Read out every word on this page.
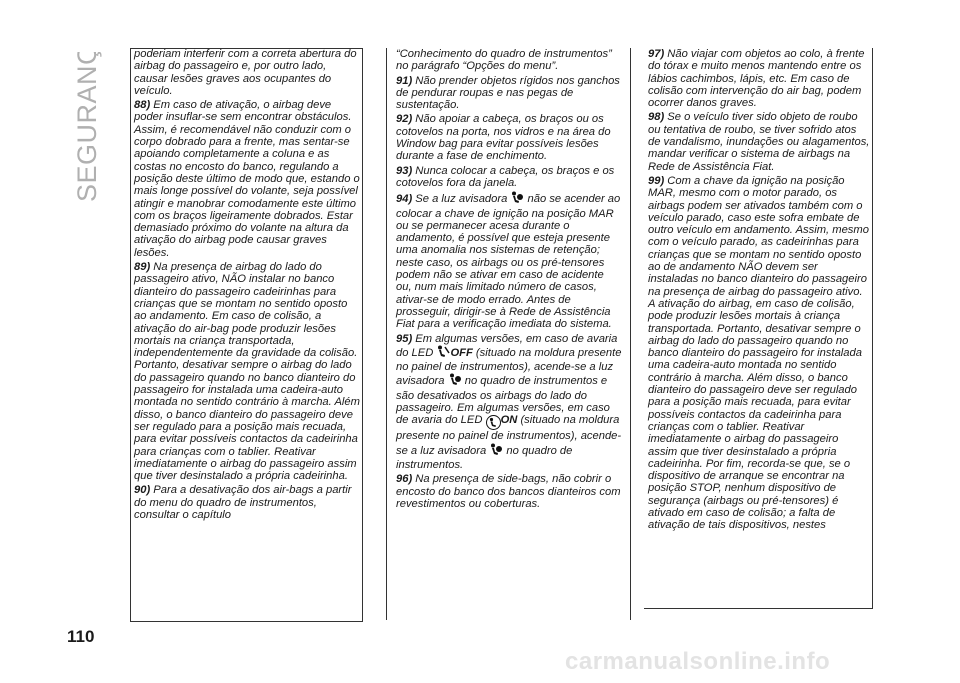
SEGURANÇA	poderiam interferir com a correta abertura do airbag do passageiro e, por outro lado, causar lesões graves aos ocupantes do veículo.

88) Em caso de ativação, o airbag deve poder insuflar-se sem encontrar obstáculos. Assim, é recomendável não conduzir com o corpo dobrado para a frente, mas sentar-se apoiando completamente a coluna e as costas no encosto do banco, regulando a posição deste último de modo que, estando o mais longe possível do volante, seja possível atingir e manobrar comodamente este último com os braços ligeiramente dobrados. Estar demasiado próximo do volante na altura da ativação do airbag pode causar graves lesões.

89) Na presença de airbag do lado do passageiro ativo, NÃO instalar no banco dianteiro do passageiro cadeirinhas para crianças que se montam no sentido oposto ao andamento. Em caso de colisão, a ativação do air-bag pode produzir lesões mortais na criança transportada, independentemente da gravidade da colisão. Portanto, desativar sempre o airbag do lado do passageiro quando no banco dianteiro do passageiro for instalada uma cadeira-auto montada no sentido contrário à marcha. Além disso, o banco dianteiro do passageiro deve ser regulado para a posição mais recuada, para evitar possíveis contactos da cadeirinha para crianças com o tablier. Reativar imediatamente o airbag do passageiro assim que tiver desinstalado a própria cadeirinha.

90) Para a desativação dos air-bags a partir do menu do quadro de instrumentos, consultar o capítulo

“Conhecimento do quadro de instrumentos” no parágrafo “Opções do menu”.

91) Não prender objetos rígidos nos ganchos de pendurar roupas e nas pegas de sustentação.

92) Não apoiar a cabeça, os braços ou os cotovelos na porta, nos vidros e na área do Window bag para evitar possíveis lesões durante a fase de enchimento.

93) Nunca colocar a cabeça, os braços e os cotovelos fora da janela.

94) Se a luz avisadora não se acender ao colocar a chave de ignição na posição MAR ou se permanecer acesa durante o andamento, é possível que esteja presente uma anomalia nos sistemas de retenção; neste caso, os airbags ou os pré-tensores podem não se ativar em caso de acidente ou, num mais limitado número de casos, ativar-se de modo errado. Antes de prosseguir, dirigir-se à Rede de Assistência Fiat para a verificação imediata do sistema.

95) Em algumas versões, em caso de avaria do LED OFF (situado na moldura presente no painel de instrumentos), acende-se a luz avisadora no quadro de instrumentos e são desativados os airbags do lado do passageiro. Em algumas versões, em caso de avaria do LED ON (situado na moldura presente no painel de instrumentos), acende-se a luz avisadora no quadro de instrumentos.

96) Na presença de side-bags, não cobrir o encosto do banco dos bancos dianteiros com revestimentos ou coberturas.

97) Não viajar com objetos ao colo, à frente do tórax e muito menos mantendo entre os lábios cachimbos, lápis, etc. Em caso de colisão com intervenção do air bag, podem ocorrer danos graves.

98) Se o veículo tiver sido objeto de roubo ou tentativa de roubo, se tiver sofrido atos de vandalismo, inundações ou alagamentos, mandar verificar o sistema de airbags na Rede de Assistência Fiat.

99) Com a chave da ignição na posição MAR, mesmo com o motor parado, os airbags podem ser ativados também com o veículo parado, caso este sofra embate de outro veículo em andamento. Assim, mesmo com o veículo parado, as cadeirinhas para crianças que se montam no sentido oposto ao de andamento NÃO devem ser instaladas no banco dianteiro do passageiro na presença de airbag do passageiro ativo. A ativação do airbag, em caso de colisão, pode produzir lesões mortais à criança transportada. Portanto, desativar sempre o airbag do lado do passageiro quando no banco dianteiro do passageiro for instalada uma cadeira-auto montada no sentido contrário à marcha. Além disso, o banco dianteiro do passageiro deve ser regulado para a posição mais recuada, para evitar possíveis contactos da cadeirinha para crianças com o tablier. Reativar imediatamente o airbag do passageiro assim que tiver desinstalado a própria cadeirinha. Por fim, recorda-se que, se o dispositivo de arranque se encontrar na posição STOP, nenhum dispositivo de segurança (airbags ou pré-tensores) é ativado em caso de colisão; a falta de ativação de tais dispositivos, nestes

110
carmanualsonline.info
